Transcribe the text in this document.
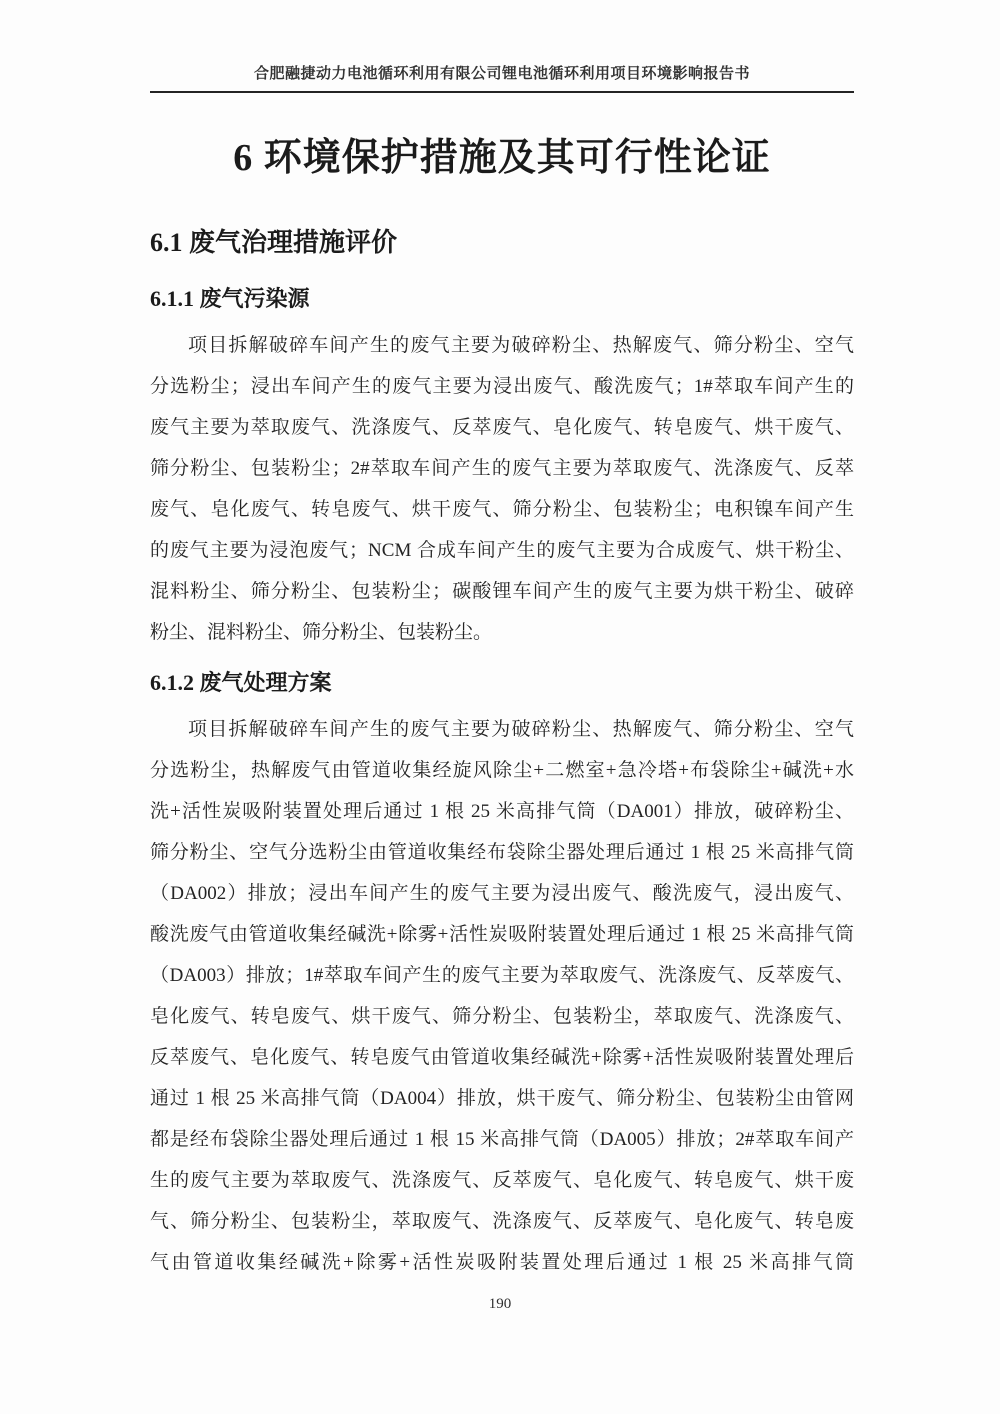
合肥融捷动力电池循环利用有限公司锂电池循环利用项目环境影响报告书
6 环境保护措施及其可行性论证
6.1 废气治理措施评价
6.1.1 废气污染源
项目拆解破碎车间产生的废气主要为破碎粉尘、热解废气、筛分粉尘、空气
分选粉尘；浸出车间产生的废气主要为浸出废气、酸洗废气；1#萃取车间产生的
废气主要为萃取废气、洗涤废气、反萃废气、皂化废气、转皂废气、烘干废气、
筛分粉尘、包装粉尘；2#萃取车间产生的废气主要为萃取废气、洗涤废气、反萃
废气、皂化废气、转皂废气、烘干废气、筛分粉尘、包装粉尘；电积镍车间产生
的废气主要为浸泡废气；NCM 合成车间产生的废气主要为合成废气、烘干粉尘、
混料粉尘、筛分粉尘、包装粉尘；碳酸锂车间产生的废气主要为烘干粉尘、破碎
粉尘、混料粉尘、筛分粉尘、包装粉尘。
6.1.2 废气处理方案
项目拆解破碎车间产生的废气主要为破碎粉尘、热解废气、筛分粉尘、空气
分选粉尘，热解废气由管道收集经旋风除尘+二燃室+急冷塔+布袋除尘+碱洗+水
洗+活性炭吸附装置处理后通过 1 根 25 米高排气筒（DA001）排放，破碎粉尘、
筛分粉尘、空气分选粉尘由管道收集经布袋除尘器处理后通过 1 根 25 米高排气筒
（DA002）排放；浸出车间产生的废气主要为浸出废气、酸洗废气，浸出废气、
酸洗废气由管道收集经碱洗+除雾+活性炭吸附装置处理后通过 1 根 25 米高排气筒
（DA003）排放；1#萃取车间产生的废气主要为萃取废气、洗涤废气、反萃废气、
皂化废气、转皂废气、烘干废气、筛分粉尘、包装粉尘，萃取废气、洗涤废气、
反萃废气、皂化废气、转皂废气由管道收集经碱洗+除雾+活性炭吸附装置处理后
通过 1 根 25 米高排气筒（DA004）排放，烘干废气、筛分粉尘、包装粉尘由管网
都是经布袋除尘器处理后通过 1 根 15 米高排气筒（DA005）排放；2#萃取车间产
生的废气主要为萃取废气、洗涤废气、反萃废气、皂化废气、转皂废气、烘干废
气、筛分粉尘、包装粉尘，萃取废气、洗涤废气、反萃废气、皂化废气、转皂废
气由管道收集经碱洗+除雾+活性炭吸附装置处理后通过 1 根 25 米高排气筒
190
